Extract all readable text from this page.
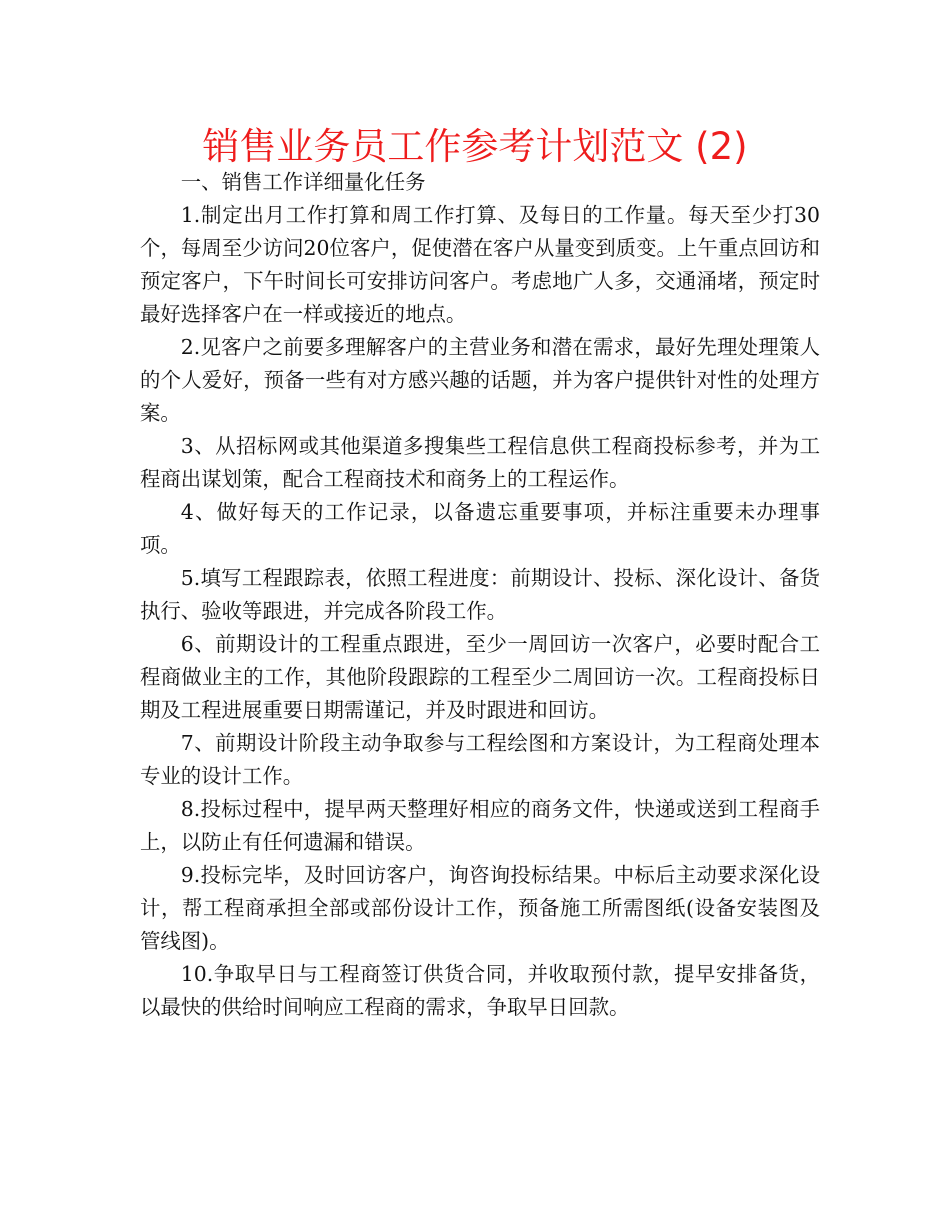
销售业务员工作参考计划范文 (2)

一、销售工作详细量化任务

1.制定出月工作打算和周工作打算、及每日的工作量。每天至少打30个，每周至少访问20位客户，促使潜在客户从量变到质变。上午重点回访和预定客户，下午时间长可安排访问客户。考虑地广人多，交通涌堵，预定时最好选择客户在一样或接近的地点。

2.见客户之前要多理解客户的主营业务和潜在需求，最好先理处理策人的个人爱好，预备一些有对方感兴趣的话题，并为客户提供针对性的处理方案。

3、从招标网或其他渠道多搜集些工程信息供工程商投标参考，并为工程商出谋划策，配合工程商技术和商务上的工程运作。

4、做好每天的工作记录，以备遗忘重要事项，并标注重要未办理事项。

5.填写工程跟踪表，依照工程进度：前期设计、投标、深化设计、备货执行、验收等跟进，并完成各阶段工作。

6、前期设计的工程重点跟进，至少一周回访一次客户，必要时配合工程商做业主的工作，其他阶段跟踪的工程至少二周回访一次。工程商投标日期及工程进展重要日期需谨记，并及时跟进和回访。

7、前期设计阶段主动争取参与工程绘图和方案设计，为工程商处理本专业的设计工作。

8.投标过程中，提早两天整理好相应的商务文件，快递或送到工程商手上，以防止有任何遗漏和错误。

9.投标完毕，及时回访客户，询咨询投标结果。中标后主动要求深化设计，帮工程商承担全部或部份设计工作，预备施工所需图纸(设备安装图及管线图)。

10.争取早日与工程商签订供货合同，并收取预付款，提早安排备货，以最快的供给时间响应工程商的需求，争取早日回款。
